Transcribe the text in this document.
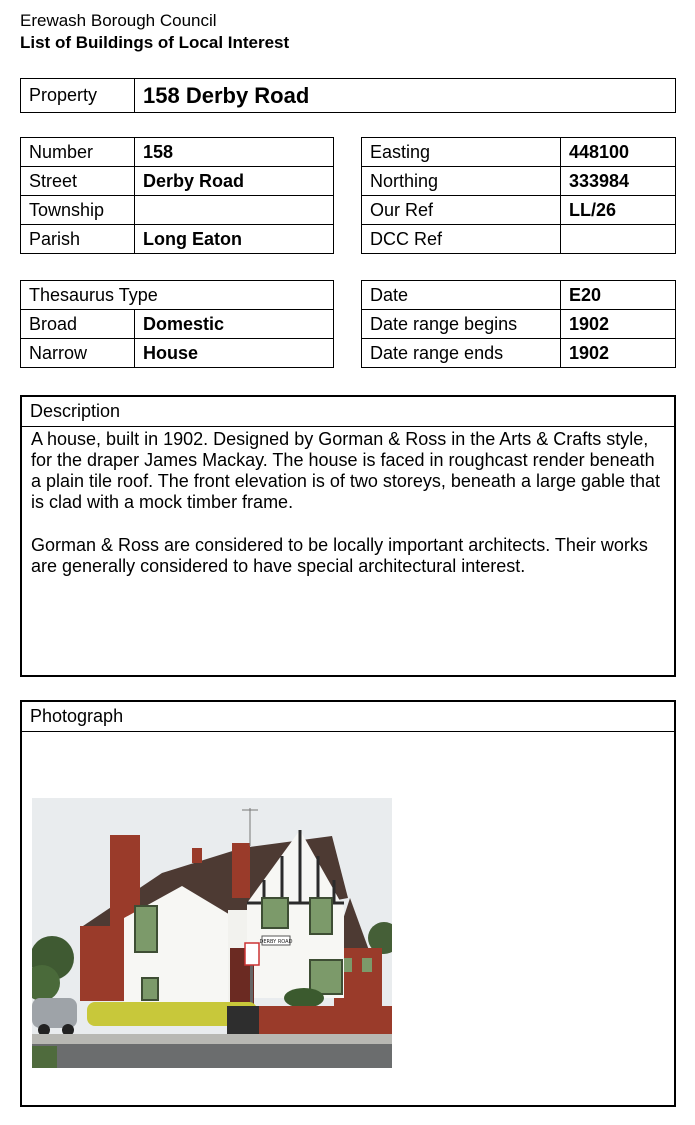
Erewash Borough Council
List of Buildings of Local Interest
Property	158 Derby Road
Number	158
Street	Derby Road
Township	
Parish	Long Eaton
Easting	448100
Northing	333984
Our Ref	LL/26
DCC Ref	
Thesaurus Type	
Broad	Domestic
Narrow	House
Date	E20
Date range begins	1902
Date range ends	1902
Description

A house, built in 1902. Designed by Gorman & Ross in the Arts & Crafts style, for the draper James Mackay. The house is faced in roughcast render beneath a plain tile roof. The front elevation is of two storeys, beneath a large gable that is clad with a mock timber frame.

Gorman & Ross are considered to be locally important architects. Their works are generally considered to have special architectural interest.

Photograph
DERBY ROAD
